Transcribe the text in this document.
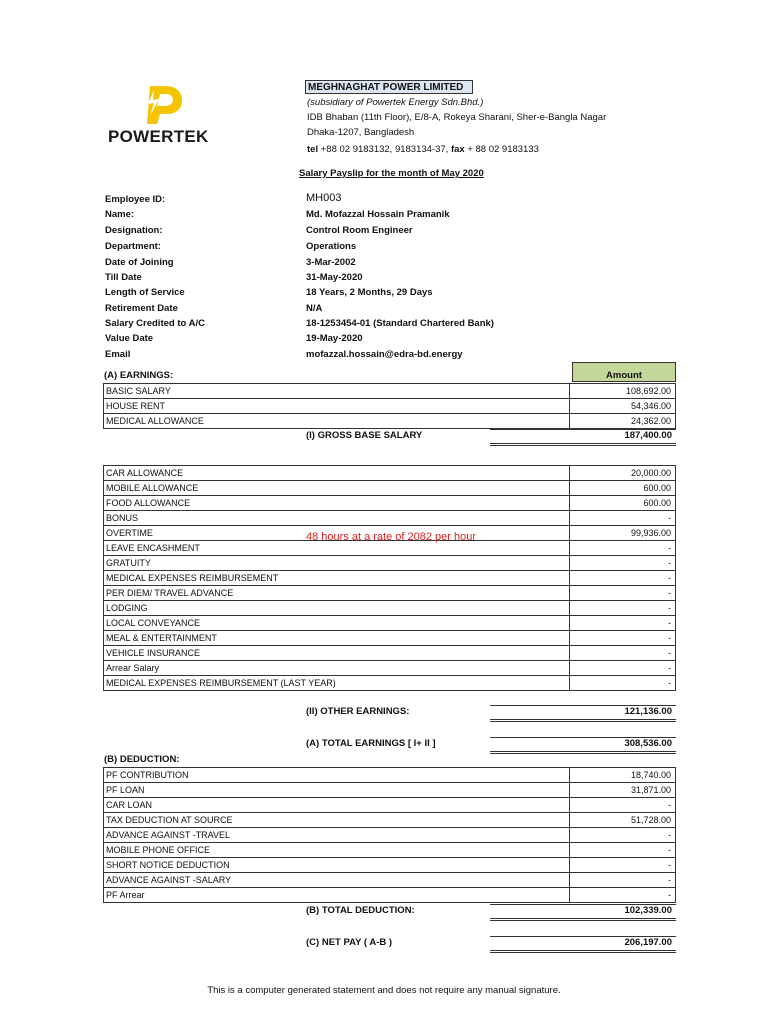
POWERTEK
MEGHNAGHAT POWER LIMITED
(subsidiary of Powertek Energy Sdn.Bhd.)
IDB Bhaban (11th Floor), E/8-A, Rokeya Sharani, Sher-e-Bangla Nagar
Dhaka-1207, Bangladesh
tel +88 02 9183132, 9183134-37, fax + 88 02 9183133
Salary Payslip for the month of May 2020
Employee ID:	MH003
Name:	Md. Mofazzal Hossain Pramanik
Designation:	Control Room Engineer
Department:	Operations
Date of Joining	3-Mar-2002
Till Date	31-May-2020
Length of Service	18 Years, 2 Months, 29 Days
Retirement Date	N/A
Salary Credited to A/C	18-1253454-01 (Standard Chartered Bank)
Value Date	19-May-2020
Email	mofazzal.hossain@edra-bd.energy
(A) EARNINGS:	Amount
BASIC SALARY	108,692.00
HOUSE RENT	54,346.00
MEDICAL ALLOWANCE	24,362.00
(I) GROSS BASE SALARY	187,400.00
CAR ALLOWANCE	20,000.00
MOBILE ALLOWANCE	600.00
FOOD ALLOWANCE	600.00
BONUS	-
OVERTIME	99,936.00
LEAVE ENCASHMENT	-
GRATUITY	-
MEDICAL EXPENSES REIMBURSEMENT	-
PER DIEM/ TRAVEL ADVANCE	-
LODGING	-
LOCAL CONVEYANCE	-
MEAL & ENTERTAINMENT	-
VEHICLE INSURANCE	-
Arrear Salary	-
MEDICAL EXPENSES REIMBURSEMENT (LAST YEAR)	-
48 hours at a rate of 2082 per hour
(II) OTHER EARNINGS:	121,136.00
(A) TOTAL EARNINGS [ I+ II ]	308,536.00
(B) DEDUCTION:
PF CONTRIBUTION	18,740.00
PF LOAN	31,871.00
CAR LOAN	-
TAX DEDUCTION AT SOURCE	51,728.00
ADVANCE AGAINST -TRAVEL	-
MOBILE PHONE OFFICE	-
SHORT NOTICE DEDUCTION	-
ADVANCE AGAINST -SALARY	-
PF Arrear	-
(B) TOTAL DEDUCTION:	102,339.00
(C) NET PAY ( A-B )	206,197.00
This is a computer generated statement and does not require any manual signature.
